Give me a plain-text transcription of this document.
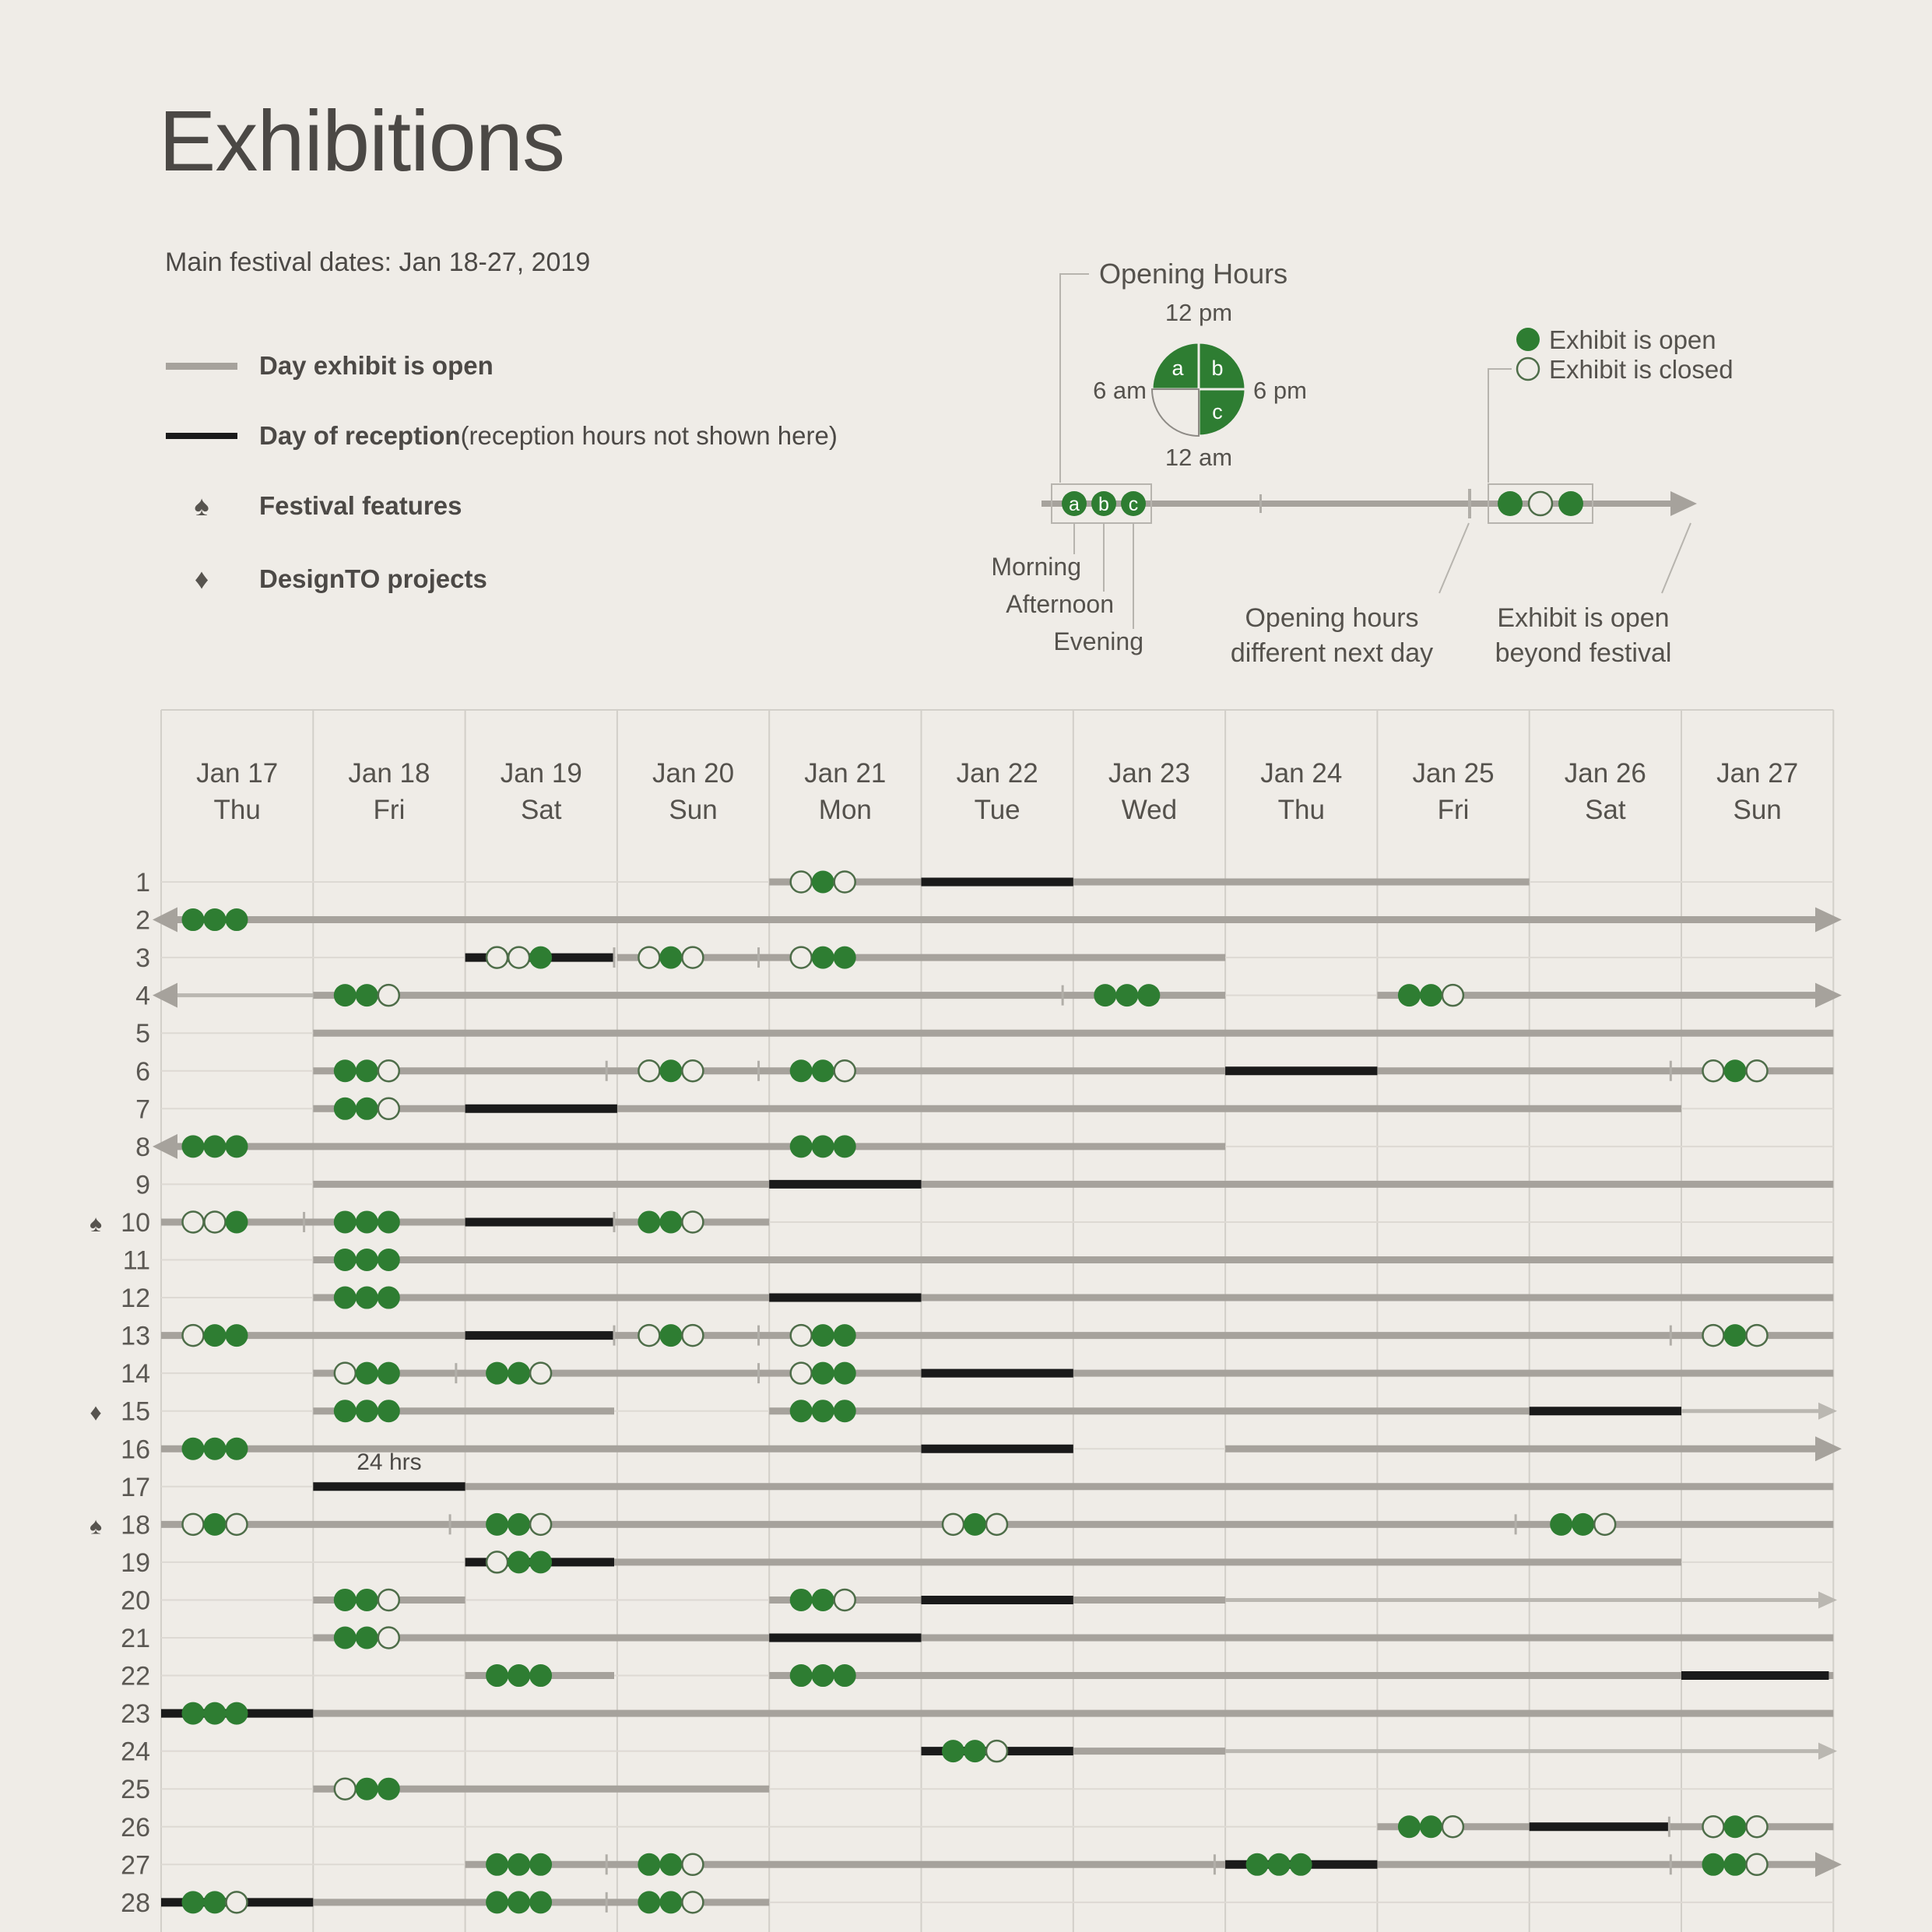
Exhibitions
Main festival dates: Jan 18-27, 2019
Day exhibit is open
Day of reception (reception hours not shown here)
♠	Festival features
♦	DesignTO projects
Opening Hours
a b
c
12 pm
6 am	6 pm
12 am
a b c
Morning
Afternoon
Evening
Opening hours
different next day
Exhibit is open
beyond festival
Exhibit is open
Exhibit is closed
Jan 17
Thu
Jan 18
Fri
Jan 19
Sat
Jan 20
Sun
Jan 21
Mon
Jan 22
Tue
Jan 23
Wed
Jan 24
Thu
Jan 25
Fri
Jan 26
Sat
Jan 27
Sun
1
2
3
4
5
6
7
8
9
10
♠
11
12
13
14
15
♦
16
17
24 hrs
18
♠
19
20
21
22
23
24
25
26
27
28
